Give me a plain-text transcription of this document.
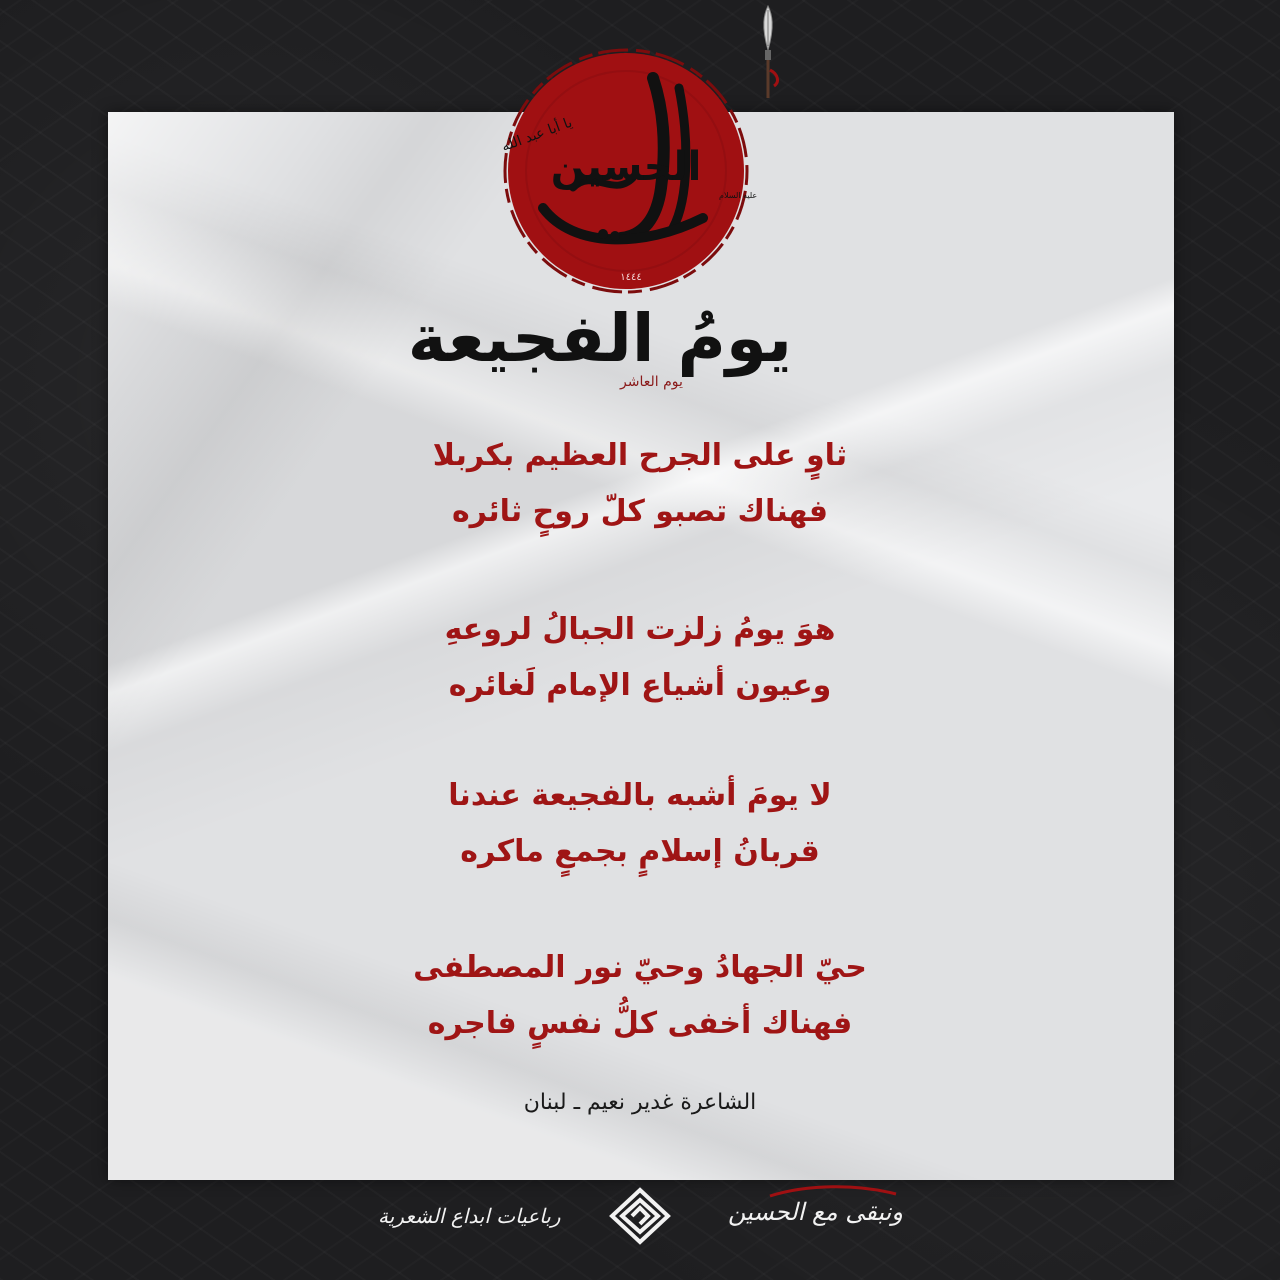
يا أبا عبد الله
الحسين
عليه السلام
١٤٤٤
يومُ الفجيعة
يوم العاشر
ثاوٍ على الجرح العظيم بكربلا
فهناك تصبو كلّ روحٍ ثائره
هوَ يومُ زلزت الجبالُ لروعهِ
وعيون أشياع الإمام لَغائره
لا يومَ أشبه بالفجيعة عندنا
قربانُ إسلامٍ بجمعٍ ماكره
حيّ الجهادُ وحيّ نور المصطفى
فهناك أخفى كلُّ نفسٍ فاجره
الشاعرة غدير نعيم ـ لبنان
رباعيات ابداع الشعرية	ونبقى مع الحسين
